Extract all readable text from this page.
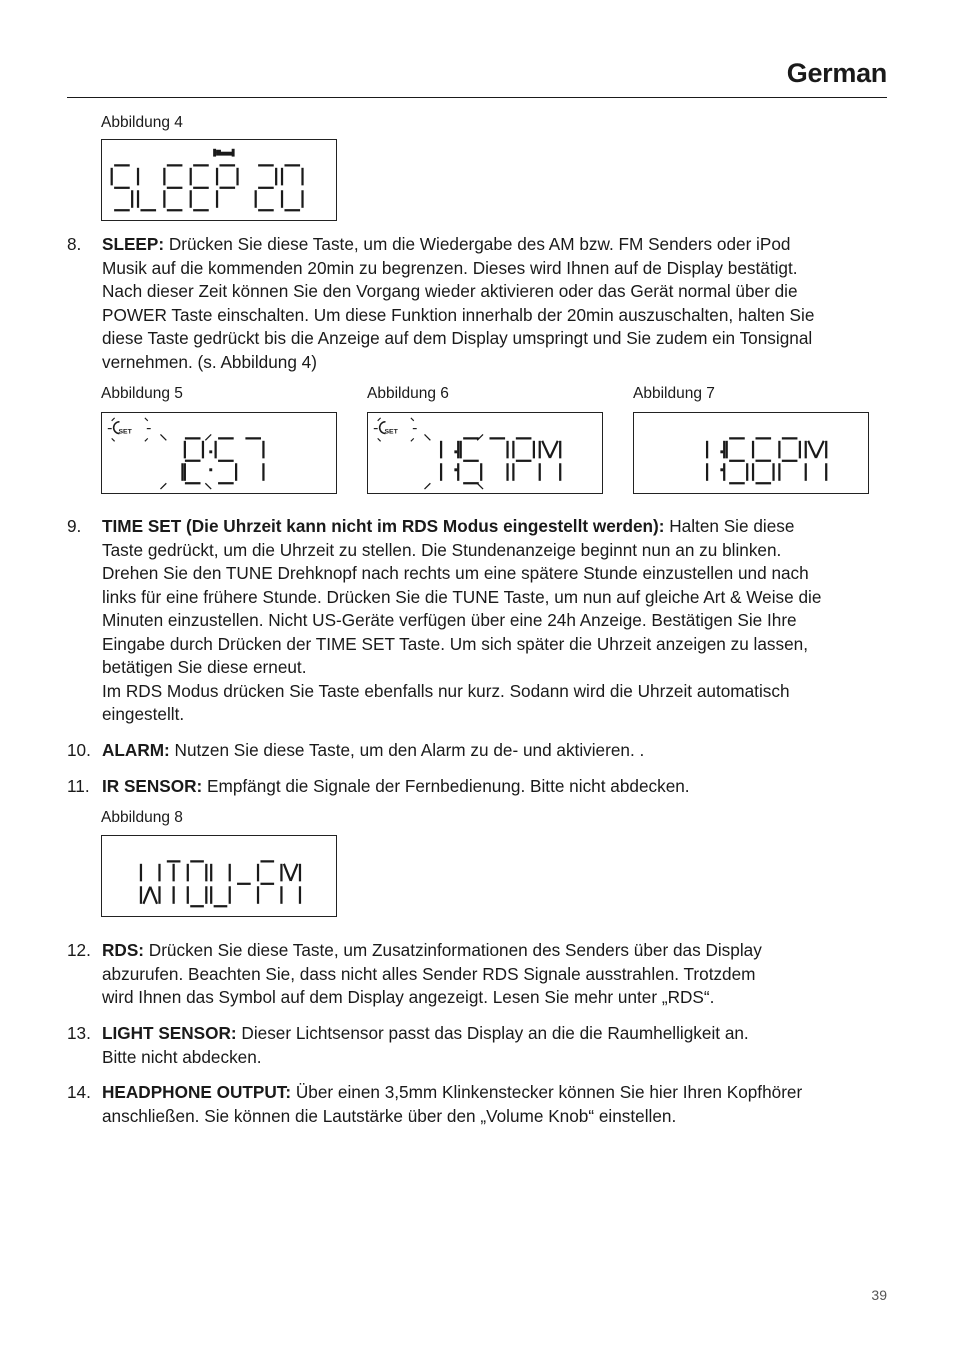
German
Abbildung 4
8. SLEEP: Drücken Sie diese Taste, um die Wiedergabe des AM bzw. FM Senders oder iPod
Musik auf die kommenden 20min zu begrenzen. Dieses wird Ihnen auf de Display bestätigt.
Nach dieser Zeit können Sie den Vorgang wieder aktivieren oder das Gerät normal über die
POWER Taste einschalten. Um diese Funktion innerhalb der 20min auszuschalten, halten Sie
diese Taste gedrückt bis die Anzeige auf dem Display umspringt und Sie zudem ein Tonsignal
vernehmen. (s. Abbildung 4)
Abbildung 5	Abbildung 6	Abbildung 7
SET	SET
9. TIME SET (Die Uhrzeit kann nicht im RDS Modus eingestellt werden): Halten Sie diese
Taste gedrückt, um die Uhrzeit zu stellen. Die Stundenanzeige beginnt nun an zu blinken.
Drehen Sie den TUNE Drehknopf nach rechts um eine spätere Stunde einzustellen und nach
links für eine frühere Stunde. Drücken Sie die TUNE Taste, um nun auf gleiche Art & Weise die
Minuten einzustellen. Nicht US-Geräte verfügen über eine 24h Anzeige. Bestätigen Sie Ihre
Eingabe durch Drücken der TIME SET Taste. Um sich später die Uhrzeit anzeigen zu lassen,
betätigen Sie diese erneut.
Im RDS Modus drücken Sie Taste ebenfalls nur kurz. Sodann wird die Uhrzeit automatisch
eingestellt.
10. ALARM: Nutzen Sie diese Taste, um den Alarm zu de- und aktivieren. .
11. IR SENSOR: Empfängt die Signale der Fernbedienung. Bitte nicht abdecken.
Abbildung 8
12. RDS: Drücken Sie diese Taste, um Zusatzinformationen des Senders über das Display
abzurufen. Beachten Sie, dass nicht alles Sender RDS Signale ausstrahlen. Trotzdem
wird Ihnen das Symbol auf dem Display angezeigt. Lesen Sie mehr unter „RDS“.
13. LIGHT SENSOR: Dieser Lichtsensor passt das Display an die die Raumhelligkeit an.
Bitte nicht abdecken.
14. HEADPHONE OUTPUT: Über einen 3,5mm Klinkenstecker können Sie hier Ihren Kopfhörer
anschließen. Sie können die Lautstärke über den „Volume Knob“ einstellen.
39
